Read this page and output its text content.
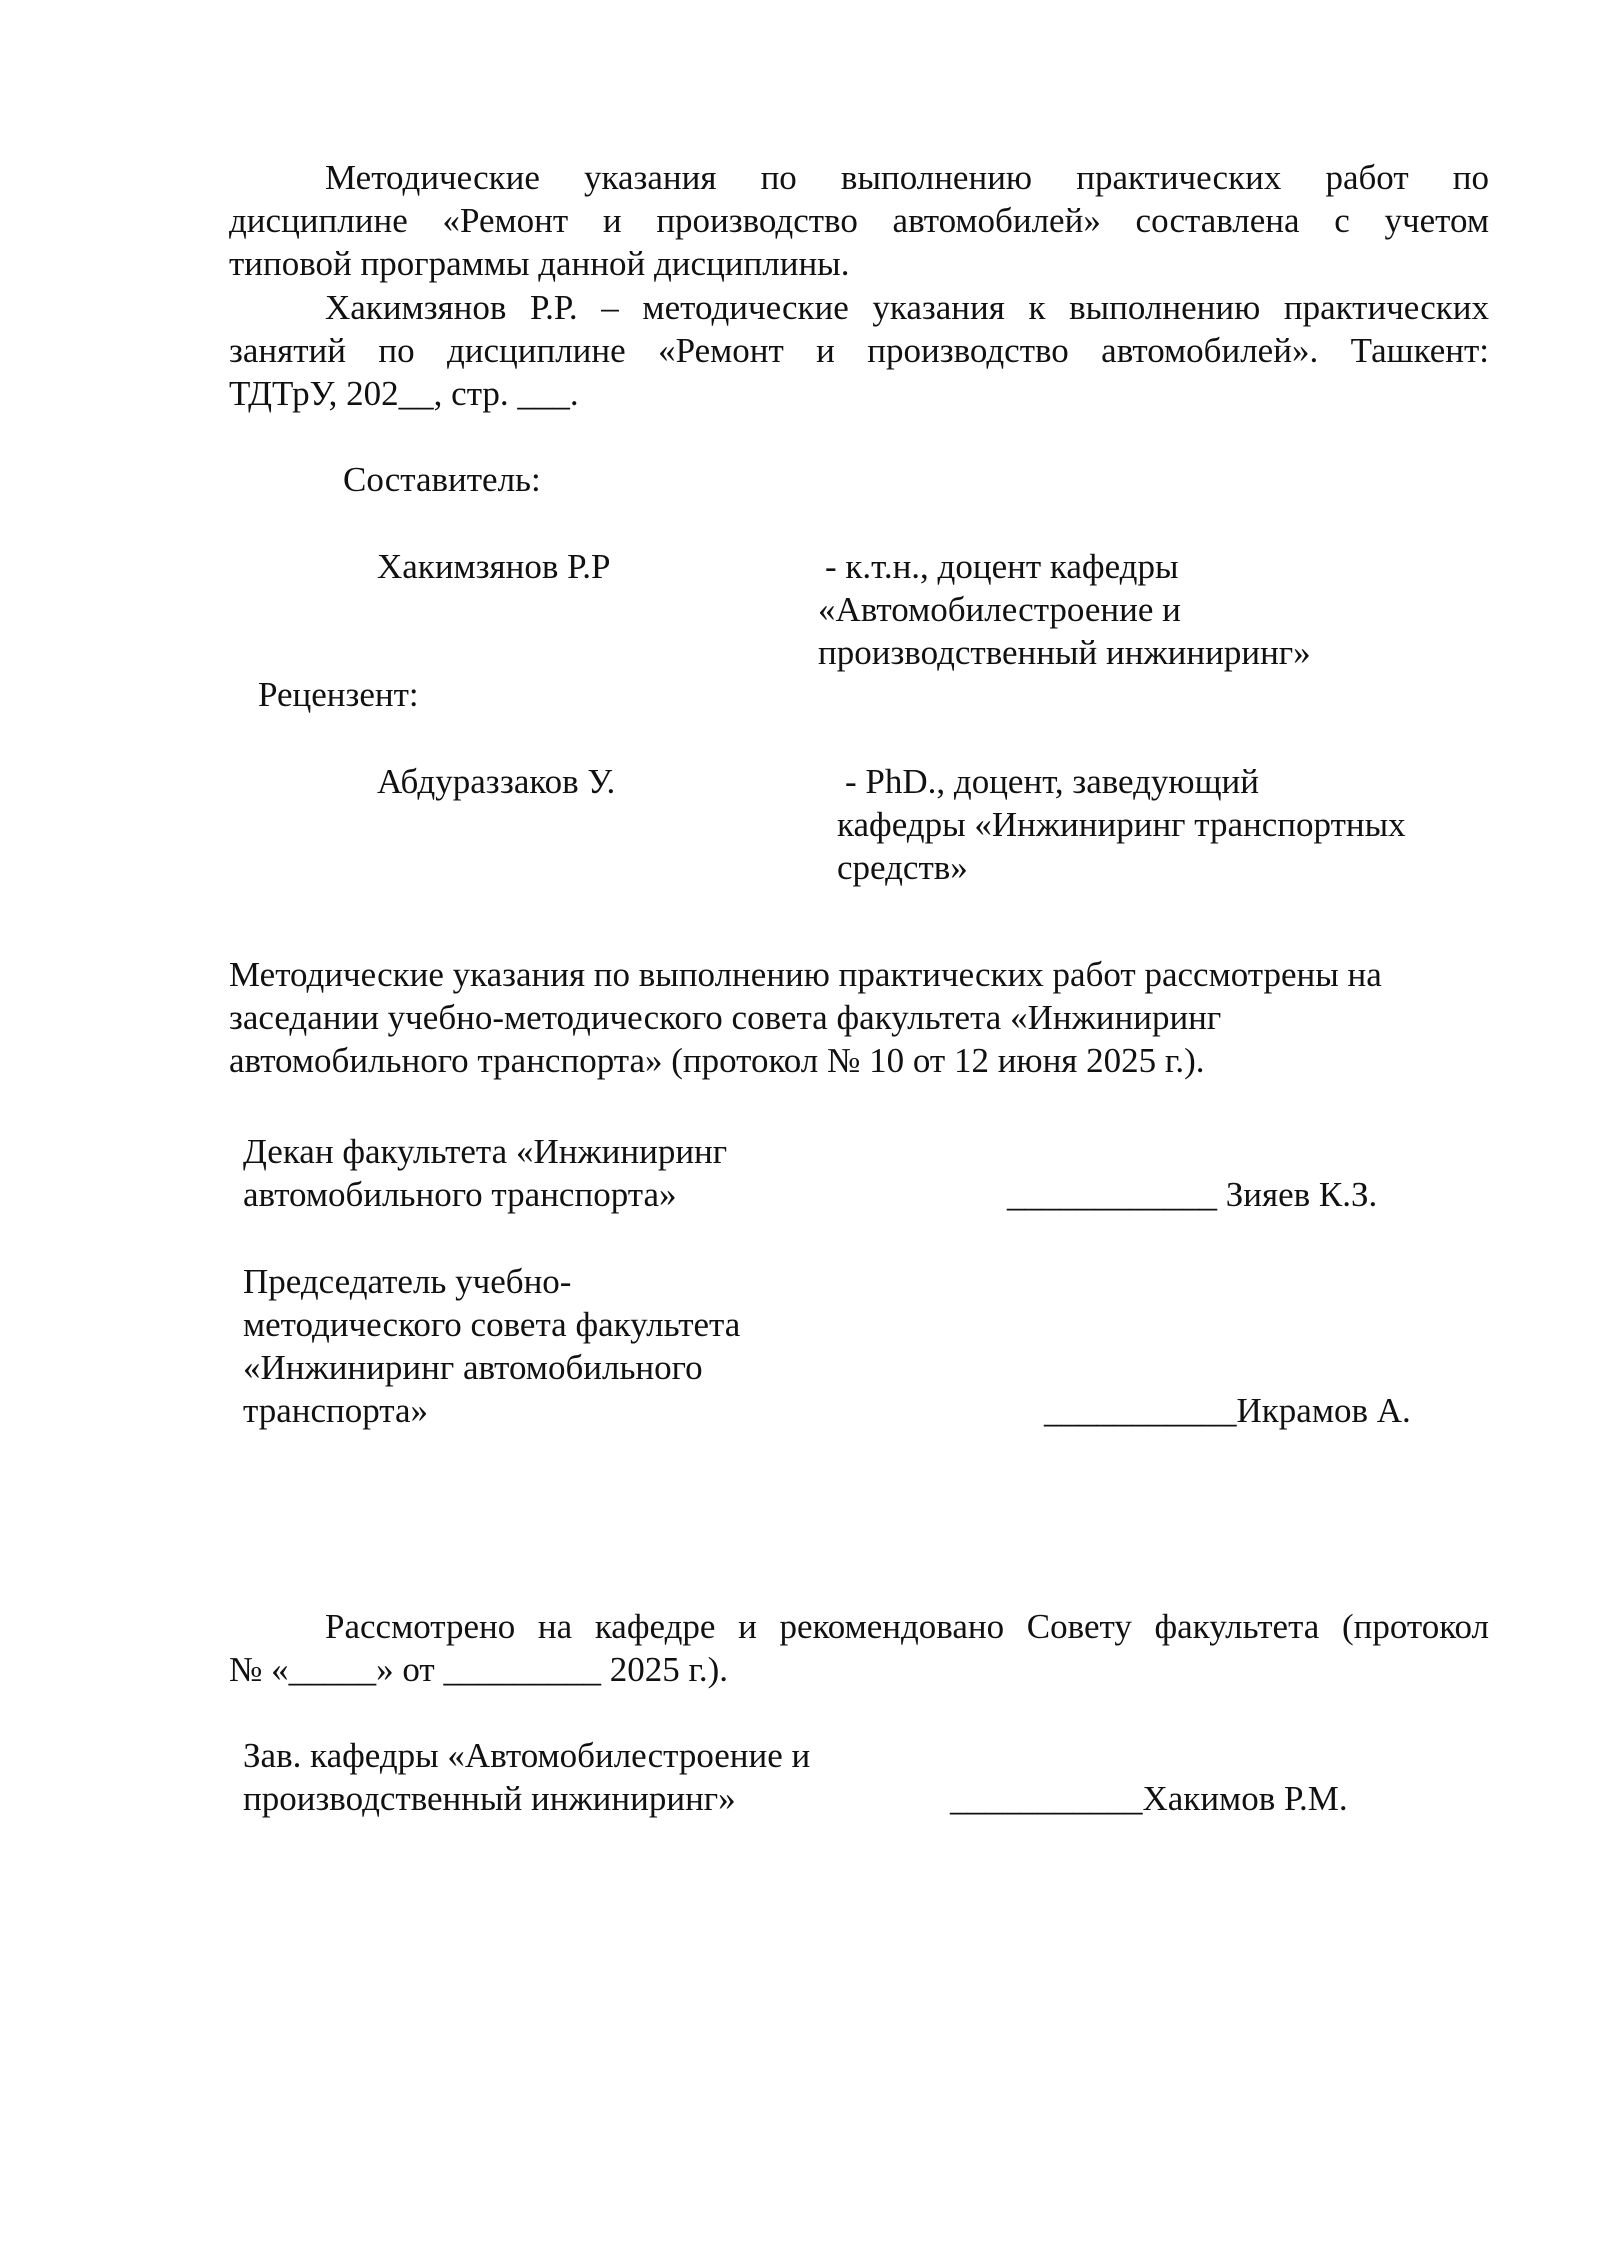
Методические указания по выполнению практических работ по
дисциплине «Ремонт и производство автомобилей» составлена с учетом
типовой программы данной дисциплины.
Хакимзянов Р.Р. – методические указания к выполнению практических
занятий по дисциплине «Ремонт и производство автомобилей». Ташкент:
ТДТрУ, 202__, стр. ___.
Составитель:
Хакимзянов Р.Р	- к.т.н., доцент кафедры
«Автомобилестроение и
производственный инжиниринг»
Рецензент:
Абдураззаков У.	- PhD., доцент, заведующий
кафедры «Инжиниринг транспортных
средств»
Методические указания по выполнению практических работ рассмотрены на
заседании учебно-методического совета факультета «Инжиниринг
автомобильного транспорта» (протокол № 10 от 12 июня 2025 г.).
Декан факультета «Инжиниринг
автомобильного транспорта»	____________ Зияев К.З.
Председатель учебно-
методического совета факультета
«Инжиниринг автомобильного
транспорта»	___________Икрамов А.
Рассмотрено на кафедре и рекомендовано Совету факультета (протокол
№ «_____» от _________ 2025 г.).
Зав. кафедры «Автомобилестроение и
производственный инжиниринг»	___________Хакимов Р.М.
